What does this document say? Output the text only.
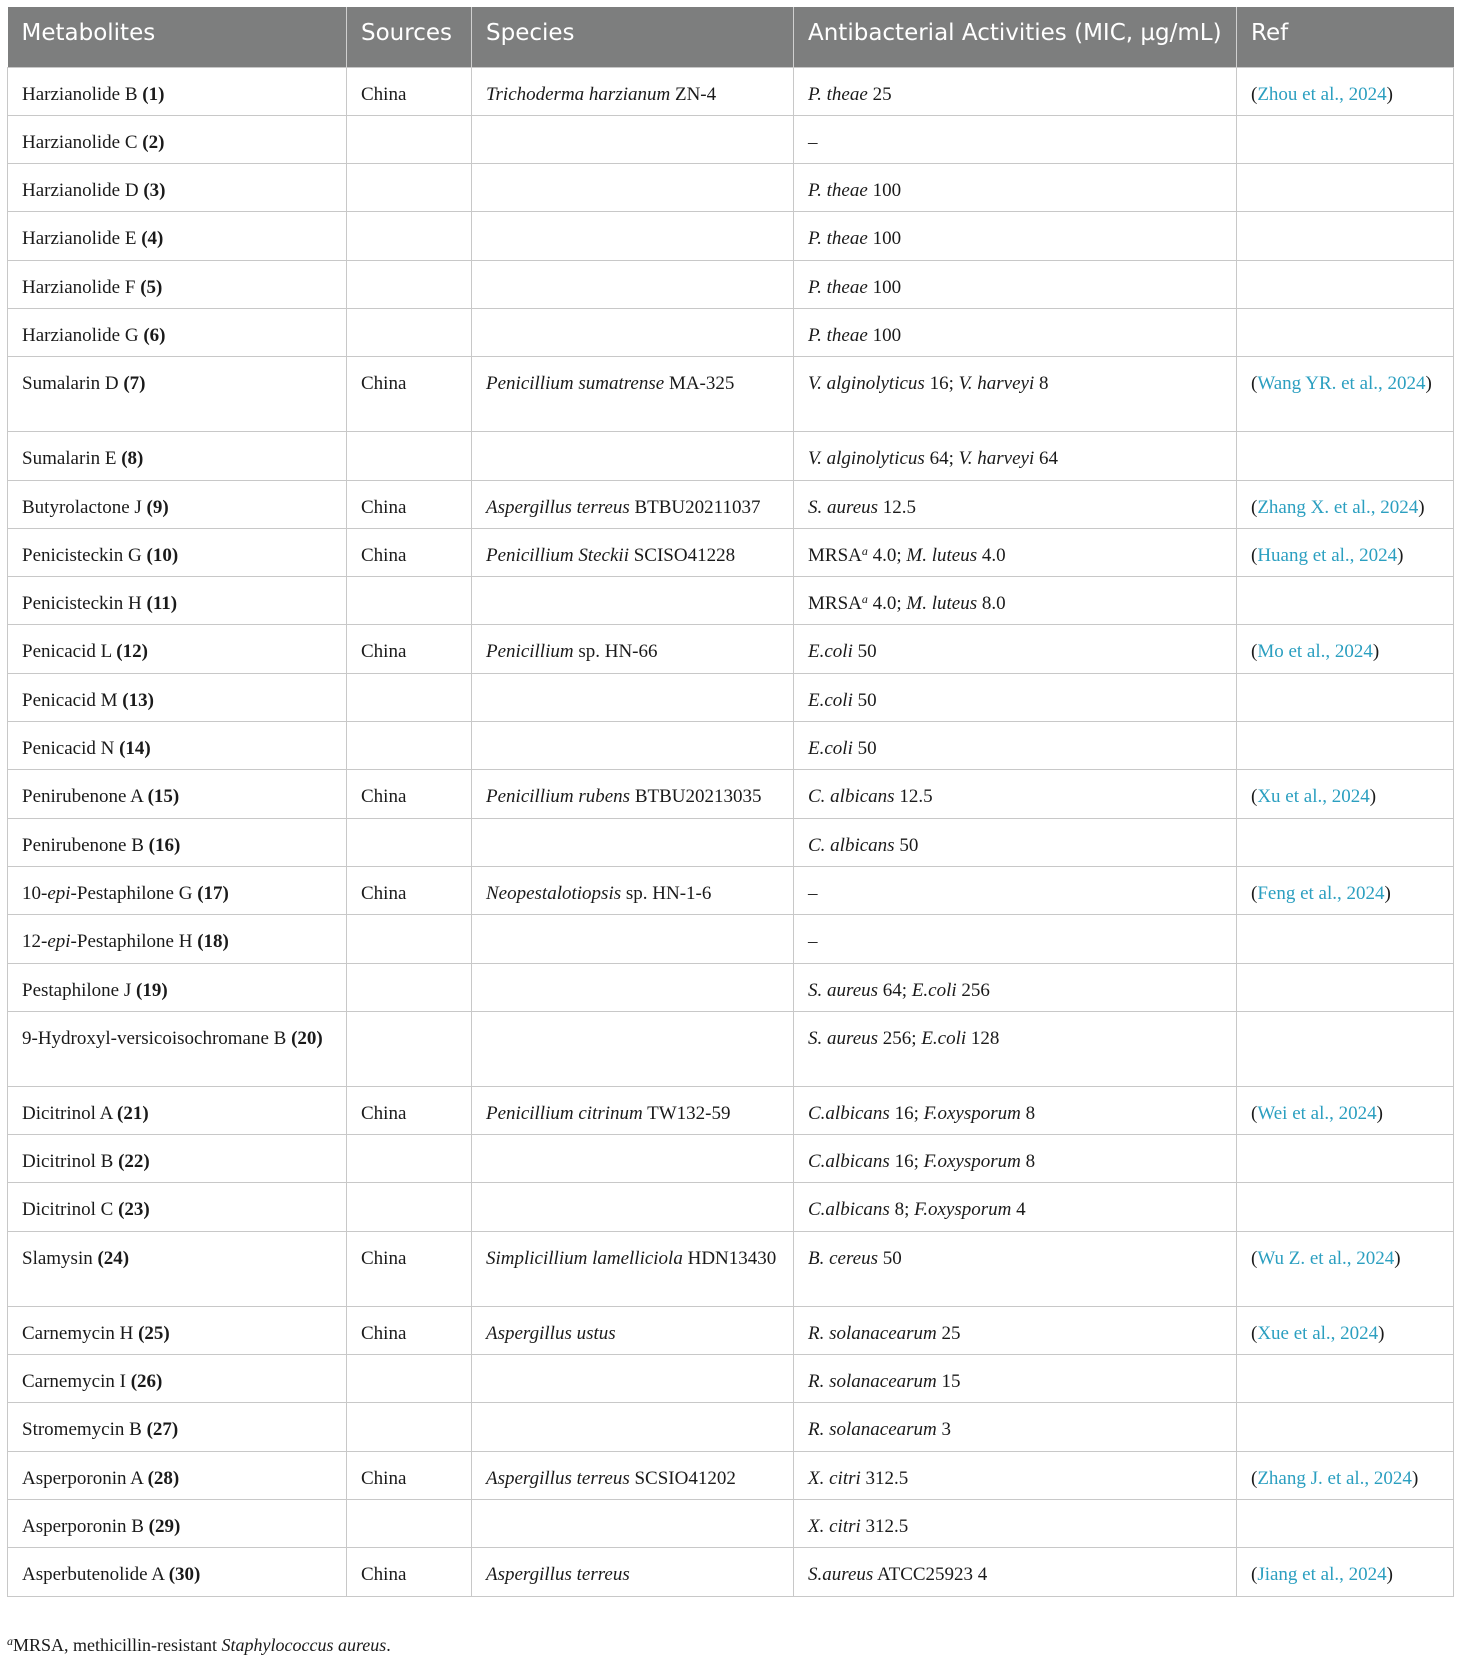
Metabolites	Sources	Species	Antibacterial Activities (MIC, µg/mL)	Ref
Harzianolide B (1)	China	Trichoderma harzianum ZN-4	P. theae 25	(Zhou et al., 2024)
Harzianolide C (2)			–	
Harzianolide D (3)			P. theae 100	
Harzianolide E (4)			P. theae 100	
Harzianolide F (5)			P. theae 100	
Harzianolide G (6)			P. theae 100	
Sumalarin D (7)	China	Penicillium sumatrense MA-325	V. alginolyticus 16; V. harveyi 8	(Wang YR. et al., 2024)
Sumalarin E (8)			V. alginolyticus 64; V. harveyi 64	
Butyrolactone J (9)	China	Aspergillus terreus BTBU20211037	S. aureus 12.5	(Zhang X. et al., 2024)
Penicisteckin G (10)	China	Penicillium Steckii SCISO41228	MRSA$^a$ 4.0; M. luteus 4.0	(Huang et al., 2024)
Penicisteckin H (11)			MRSA$^a$ 4.0; M. luteus 8.0	
Penicacid L (12)	China	Penicillium sp. HN-66	E.coli 50	(Mo et al., 2024)
Penicacid M (13)			E.coli 50	
Penicacid N (14)			E.coli 50	
Penirubenone A (15)	China	Penicillium rubens BTBU20213035	C. albicans 12.5	(Xu et al., 2024)
Penirubenone B (16)			C. albicans 50	
10-epi-Pestaphilone G (17)	China	Neopestalotiopsis sp. HN-1-6	–	(Feng et al., 2024)
12-epi-Pestaphilone H (18)			–	
Pestaphilone J (19)			S. aureus 64; E.coli 256	
9-Hydroxyl-versicoisochromane B (20)			S. aureus 256; E.coli 128	
Dicitrinol A (21)	China	Penicillium citrinum TW132-59	C.albicans 16; F.oxysporum 8	(Wei et al., 2024)
Dicitrinol B (22)			C.albicans 16; F.oxysporum 8	
Dicitrinol C (23)			C.albicans 8; F.oxysporum 4	
Slamysin (24)	China	Simplicillium lamelliciola HDN13430	B. cereus 50	(Wu Z. et al., 2024)
Carnemycin H (25)	China	Aspergillus ustus	R. solanacearum 25	(Xue et al., 2024)
Carnemycin I (26)			R. solanacearum 15	
Stromemycin B (27)			R. solanacearum 3	
Asperporonin A (28)	China	Aspergillus terreus SCSIO41202	X. citri 312.5	(Zhang J. et al., 2024)
Asperporonin B (29)			X. citri 312.5	
Asperbutenolide A (30)	China	Aspergillus terreus	S.aureus ATCC25923 4	(Jiang et al., 2024)
$^a$MRSA, methicillin-resistant Staphylococcus aureus.
